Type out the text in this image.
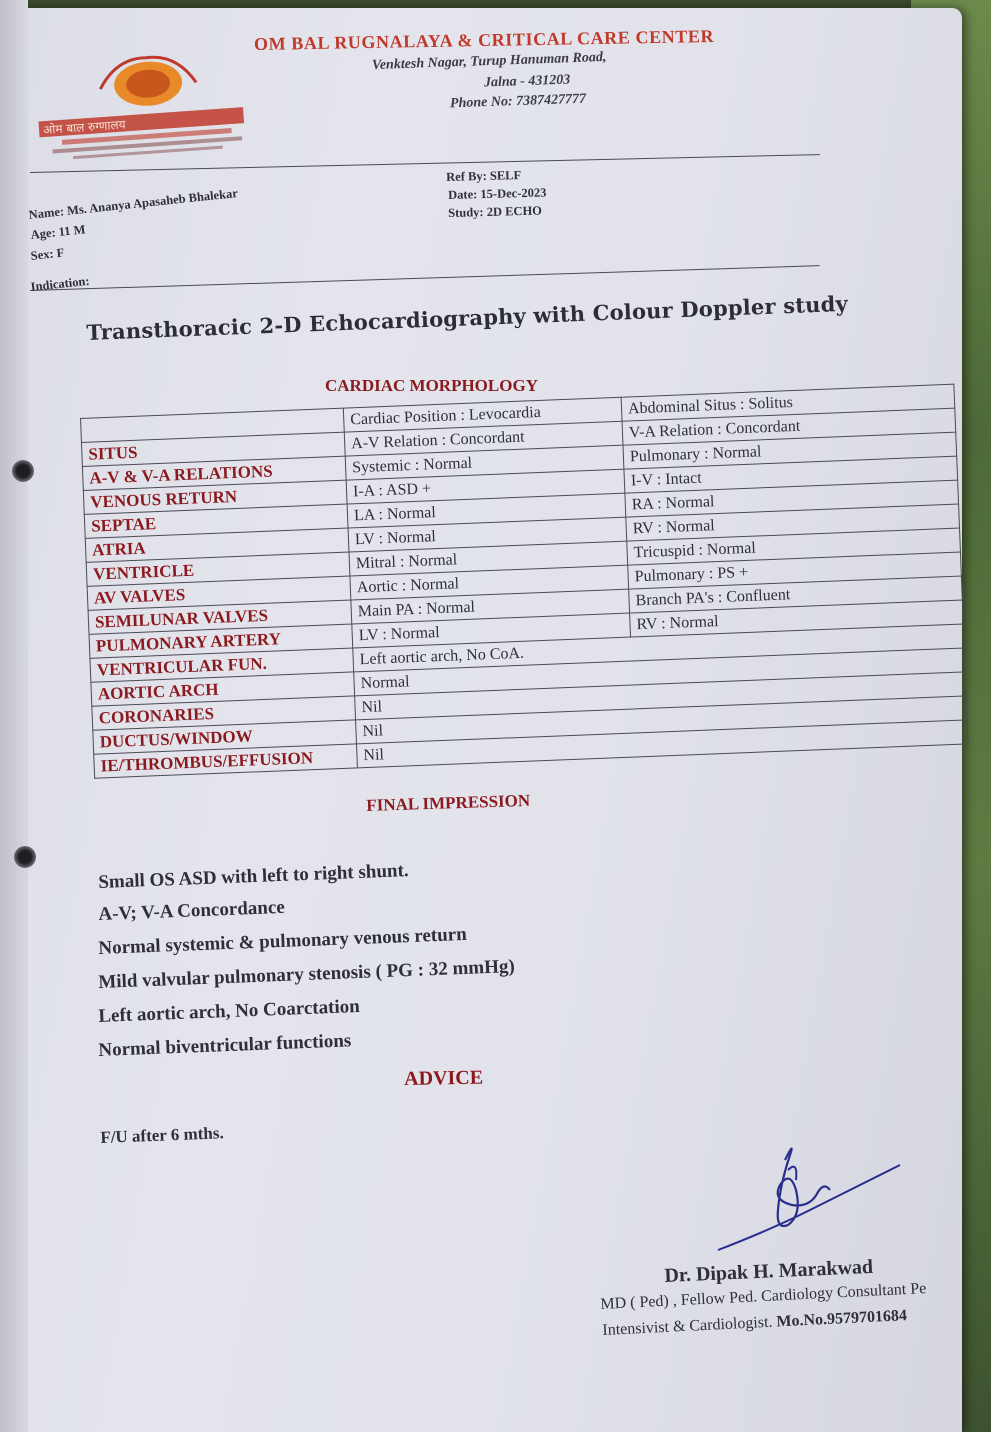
ओम बाल रुग्णालय
OM BAL RUGNALAYA & CRITICAL CARE CENTER
Venktesh Nagar, Turup Hanuman Road,
Jalna - 431203
Phone No: 7387427777
Name: Ms. Ananya Apasaheb Bhalekar
Age: 11 M
Sex: F
Indication:
Ref By: SELF
Date: 15-Dec-2023
Study: 2D ECHO
Transthoracic 2-D Echocardiography with Colour Doppler study
CARDIAC MORPHOLOGY
	Cardiac Position : Levocardia	Abdominal Situs : Solitus
SITUS	A-V Relation : Concordant	V-A Relation : Concordant
A-V & V-A RELATIONS	Systemic : Normal	Pulmonary : Normal
VENOUS RETURN	I-A : ASD +	I-V : Intact
SEPTAE	LA : Normal	RA : Normal
ATRIA	LV : Normal	RV : Normal
VENTRICLE	Mitral : Normal	Tricuspid : Normal
AV VALVES	Aortic : Normal	Pulmonary : PS +
SEMILUNAR VALVES	Main PA : Normal	Branch PA's : Confluent
PULMONARY ARTERY	LV : Normal	RV : Normal
VENTRICULAR FUN.	Left aortic arch, No CoA.	
AORTIC ARCH	Normal	
CORONARIES	Nil	
DUCTUS/WINDOW	Nil	
IE/THROMBUS/EFFUSION	Nil	
FINAL IMPRESSION
Small OS ASD with left to right shunt.
A-V; V-A Concordance
Normal systemic & pulmonary venous return
Mild valvular pulmonary stenosis ( PG : 32 mmHg)
Left aortic arch, No Coarctation
Normal biventricular functions
ADVICE
F/U after 6 mths.
Dr. Dipak H. Marakwad
MD ( Ped) , Fellow Ped. Cardiology Consultant Pe
Intensivist & Cardiologist. Mo.No.9579701684
